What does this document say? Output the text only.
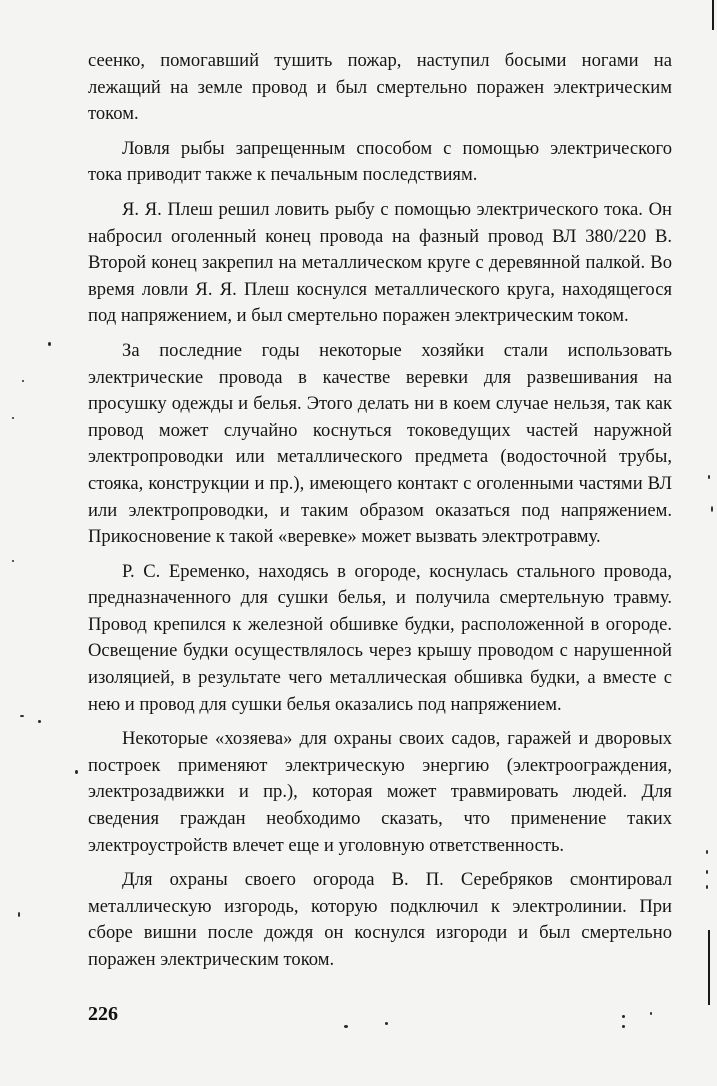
сеенко, помогавший тушить пожар, наступил босыми ногами на лежащий на земле провод и был смертельно поражен электрическим током.

Ловля рыбы запрещенным способом с помощью электрического тока приводит также к печальным последствиям.

Я. Я. Плеш решил ловить рыбу с помощью электрического тока. Он набросил оголенный конец провода на фазный провод ВЛ 380/220 В. Второй конец закрепил на металлическом круге с деревянной палкой. Во время ловли Я. Я. Плеш коснулся металлического круга, находящегося под напряжением, и был смертельно поражен электрическим током.

За последние годы некоторые хозяйки стали использовать электрические провода в качестве веревки для развешивания на просушку одежды и белья. Этого делать ни в коем случае нельзя, так как провод может случайно коснуться токоведущих частей наружной электропроводки или металлического предмета (водосточной трубы, стояка, конструкции и пр.), имеющего контакт с оголенными частями ВЛ или электропроводки, и таким образом оказаться под напряжением. Прикосновение к такой «веревке» может вызвать электротравму.

Р. С. Еременко, находясь в огороде, коснулась стального провода, предназначенного для сушки белья, и получила смертельную травму. Провод крепился к железной обшивке будки, расположенной в огороде. Освещение будки осуществлялось через крышу проводом с нарушенной изоляцией, в результате чего металлическая обшивка будки, а вместе с нею и провод для сушки белья оказались под напряжением.

Некоторые «хозяева» для охраны своих садов, гаражей и дворовых построек применяют электрическую энергию (электроограждения, электрозадвижки и пр.), которая может травмировать людей. Для сведения граждан необходимо сказать, что применение таких электроустройств влечет еще и уголовную ответственность.

Для охраны своего огорода В. П. Серебряков смонтировал металлическую изгородь, которую подключил к электролинии. При сборе вишни после дождя он коснулся изгороди и был смертельно поражен электрическим током.

226
